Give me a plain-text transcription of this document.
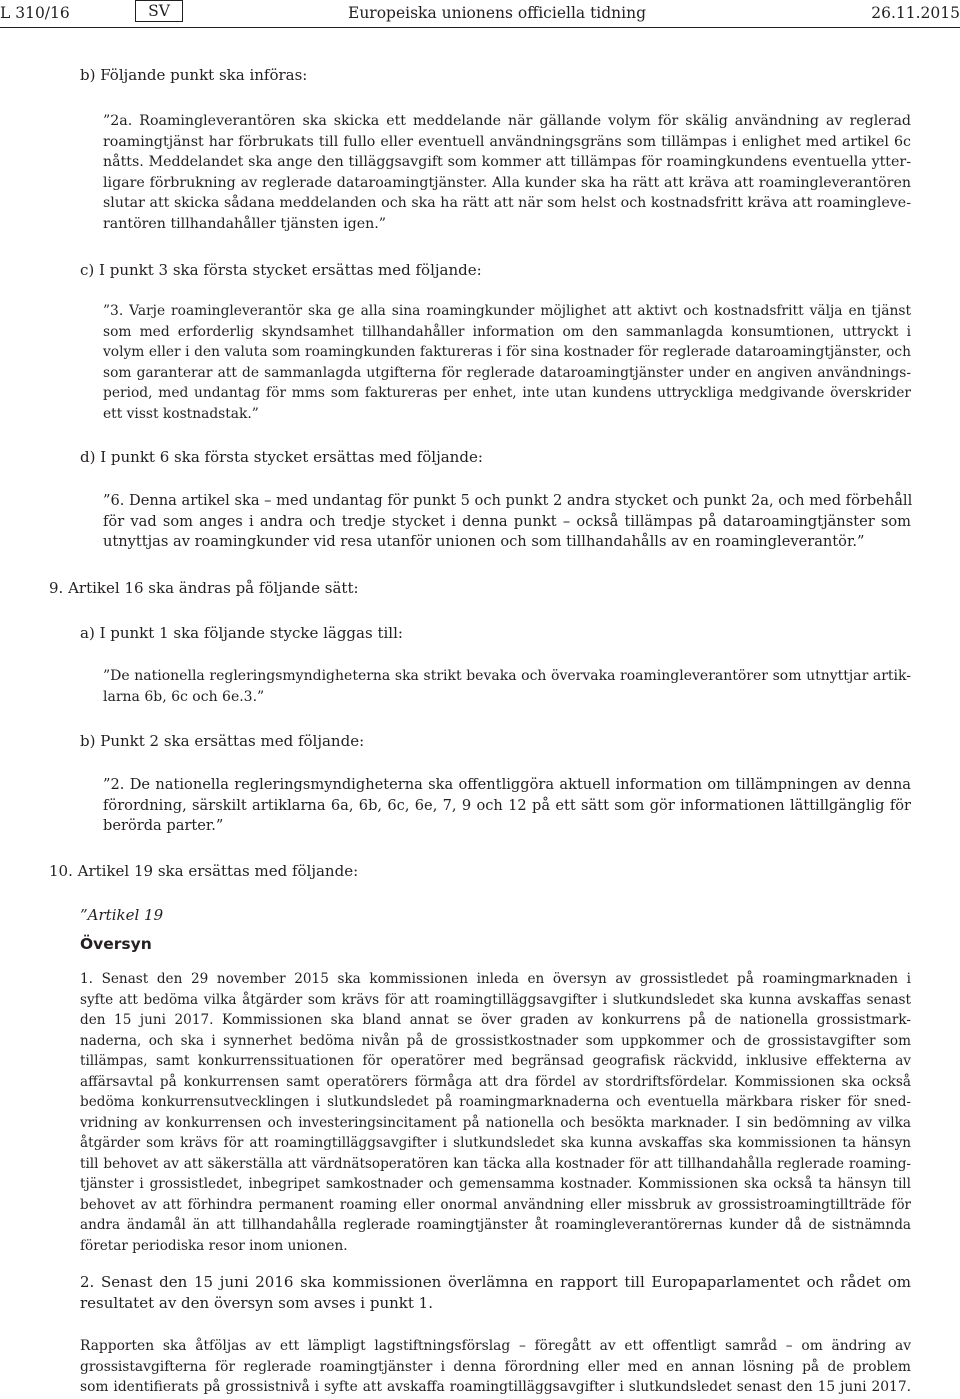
L 310/16	SV	Europeiska unionens officiella tidning	26.11.2015
b) Följande punkt ska införas:
”2a. Roamingleverantören ska skicka ett meddelande när gällande volym för skälig användning av reglerad
roamingtjänst har förbrukats till fullo eller eventuell användningsgräns som tillämpas i enlighet med artikel 6c
nåtts. Meddelandet ska ange den tilläggsavgift som kommer att tillämpas för roamingkundens eventuella ytter-
ligare förbrukning av reglerade dataroamingtjänster. Alla kunder ska ha rätt att kräva att roamingleverantören
slutar att skicka sådana meddelanden och ska ha rätt att när som helst och kostnadsfritt kräva att roamingleve-
rantören tillhandahåller tjänsten igen.”
c) I punkt 3 ska första stycket ersättas med följande:
”3. Varje roamingleverantör ska ge alla sina roamingkunder möjlighet att aktivt och kostnadsfritt välja en tjänst
som med erforderlig skyndsamhet tillhandahåller information om den sammanlagda konsumtionen, uttryckt i
volym eller i den valuta som roamingkunden faktureras i för sina kostnader för reglerade dataroamingtjänster, och
som garanterar att de sammanlagda utgifterna för reglerade dataroamingtjänster under en angiven användnings-
period, med undantag för mms som faktureras per enhet, inte utan kundens uttryckliga medgivande överskrider
ett visst kostnadstak.”
d) I punkt 6 ska första stycket ersättas med följande:
”6. Denna artikel ska – med undantag för punkt 5 och punkt 2 andra stycket och punkt 2a, och med förbehåll
för vad som anges i andra och tredje stycket i denna punkt – också tillämpas på dataroamingtjänster som
utnyttjas av roamingkunder vid resa utanför unionen och som tillhandahålls av en roamingleverantör.”
9. Artikel 16 ska ändras på följande sätt:
a) I punkt 1 ska följande stycke läggas till:
”De nationella regleringsmyndigheterna ska strikt bevaka och övervaka roamingleverantörer som utnyttjar artik-
larna 6b, 6c och 6e.3.”
b) Punkt 2 ska ersättas med följande:
”2. De nationella regleringsmyndigheterna ska offentliggöra aktuell information om tillämpningen av denna
förordning, särskilt artiklarna 6a, 6b, 6c, 6e, 7, 9 och 12 på ett sätt som gör informationen lättillgänglig för
berörda parter.”
10. Artikel 19 ska ersättas med följande:
”Artikel 19
Översyn
1. Senast den 29 november 2015 ska kommissionen inleda en översyn av grossistledet på roamingmarknaden i
syfte att bedöma vilka åtgärder som krävs för att roamingtilläggsavgifter i slutkundsledet ska kunna avskaffas senast
den 15 juni 2017. Kommissionen ska bland annat se över graden av konkurrens på de nationella grossistmark-
naderna, och ska i synnerhet bedöma nivån på de grossistkostnader som uppkommer och de grossistavgifter som
tillämpas, samt konkurrenssituationen för operatörer med begränsad geografisk räckvidd, inklusive effekterna av
affärsavtal på konkurrensen samt operatörers förmåga att dra fördel av stordriftsfördelar. Kommissionen ska också
bedöma konkurrensutvecklingen i slutkundsledet på roamingmarknaderna och eventuella märkbara risker för sned-
vridning av konkurrensen och investeringsincitament på nationella och besökta marknader. I sin bedömning av vilka
åtgärder som krävs för att roamingtilläggsavgifter i slutkundsledet ska kunna avskaffas ska kommissionen ta hänsyn
till behovet av att säkerställa att värdnätsoperatören kan täcka alla kostnader för att tillhandahålla reglerade roaming-
tjänster i grossistledet, inbegripet samkostnader och gemensamma kostnader. Kommissionen ska också ta hänsyn till
behovet av att förhindra permanent roaming eller onormal användning eller missbruk av grossistroamingtillträde för
andra ändamål än att tillhandahålla reglerade roamingtjänster åt roamingleverantörernas kunder då de sistnämnda
företar periodiska resor inom unionen.
2. Senast den 15 juni 2016 ska kommissionen överlämna en rapport till Europaparlamentet och rådet om
resultatet av den översyn som avses i punkt 1.
Rapporten ska åtföljas av ett lämpligt lagstiftningsförslag – föregått av ett offentligt samråd – om ändring av
grossistavgifterna för reglerade roamingtjänster i denna förordning eller med en annan lösning på de problem
som identifierats på grossistnivå i syfte att avskaffa roamingtilläggsavgifter i slutkundsledet senast den 15 juni 2017.
